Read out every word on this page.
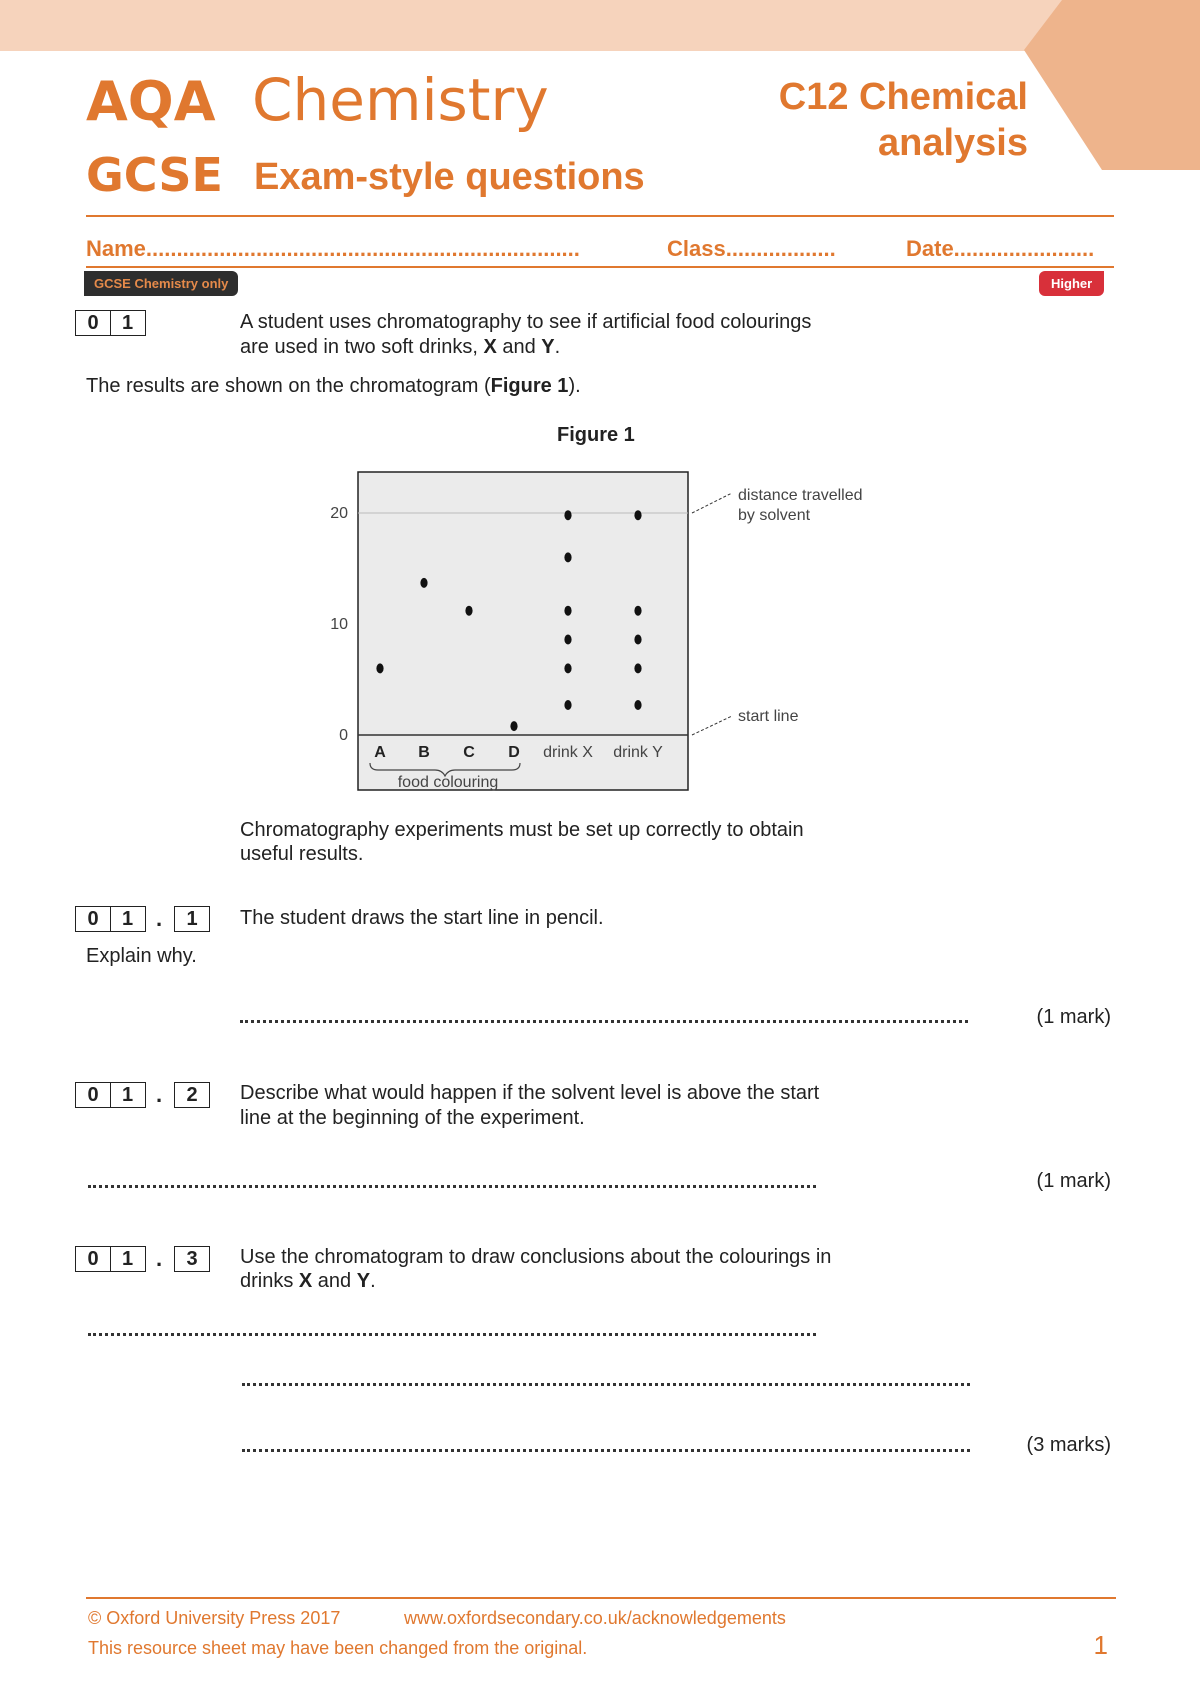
AQA Chemistry
GCSE Exam-style questions
C12 Chemical
analysis
Name.......................................................................	Class..................	Date.......................
GCSE Chemistry only	Higher
0	1	A student uses chromatography to see if artificial food colourings
are used in two soft drinks, X and Y.
The results are shown on the chromatogram (Figure 1).
Figure 1
20
10
0
A B C D drink X drink Y
food colouring
distance travelled
by solvent
start line
Chromatography experiments must be set up correctly to obtain
useful results.
0	1	.	1	The student draws the start line in pencil.
Explain why.
(1 mark)
0	1	.	2	Describe what would happen if the solvent level is above the start
line at the beginning of the experiment.
(1 mark)
0	1	.	3	Use the chromatogram to draw conclusions about the colourings in
drinks X and Y.
(3 marks)
© Oxford University Press 2017	www.oxfordsecondary.co.uk/acknowledgements
This resource sheet may have been changed from the original.	1
